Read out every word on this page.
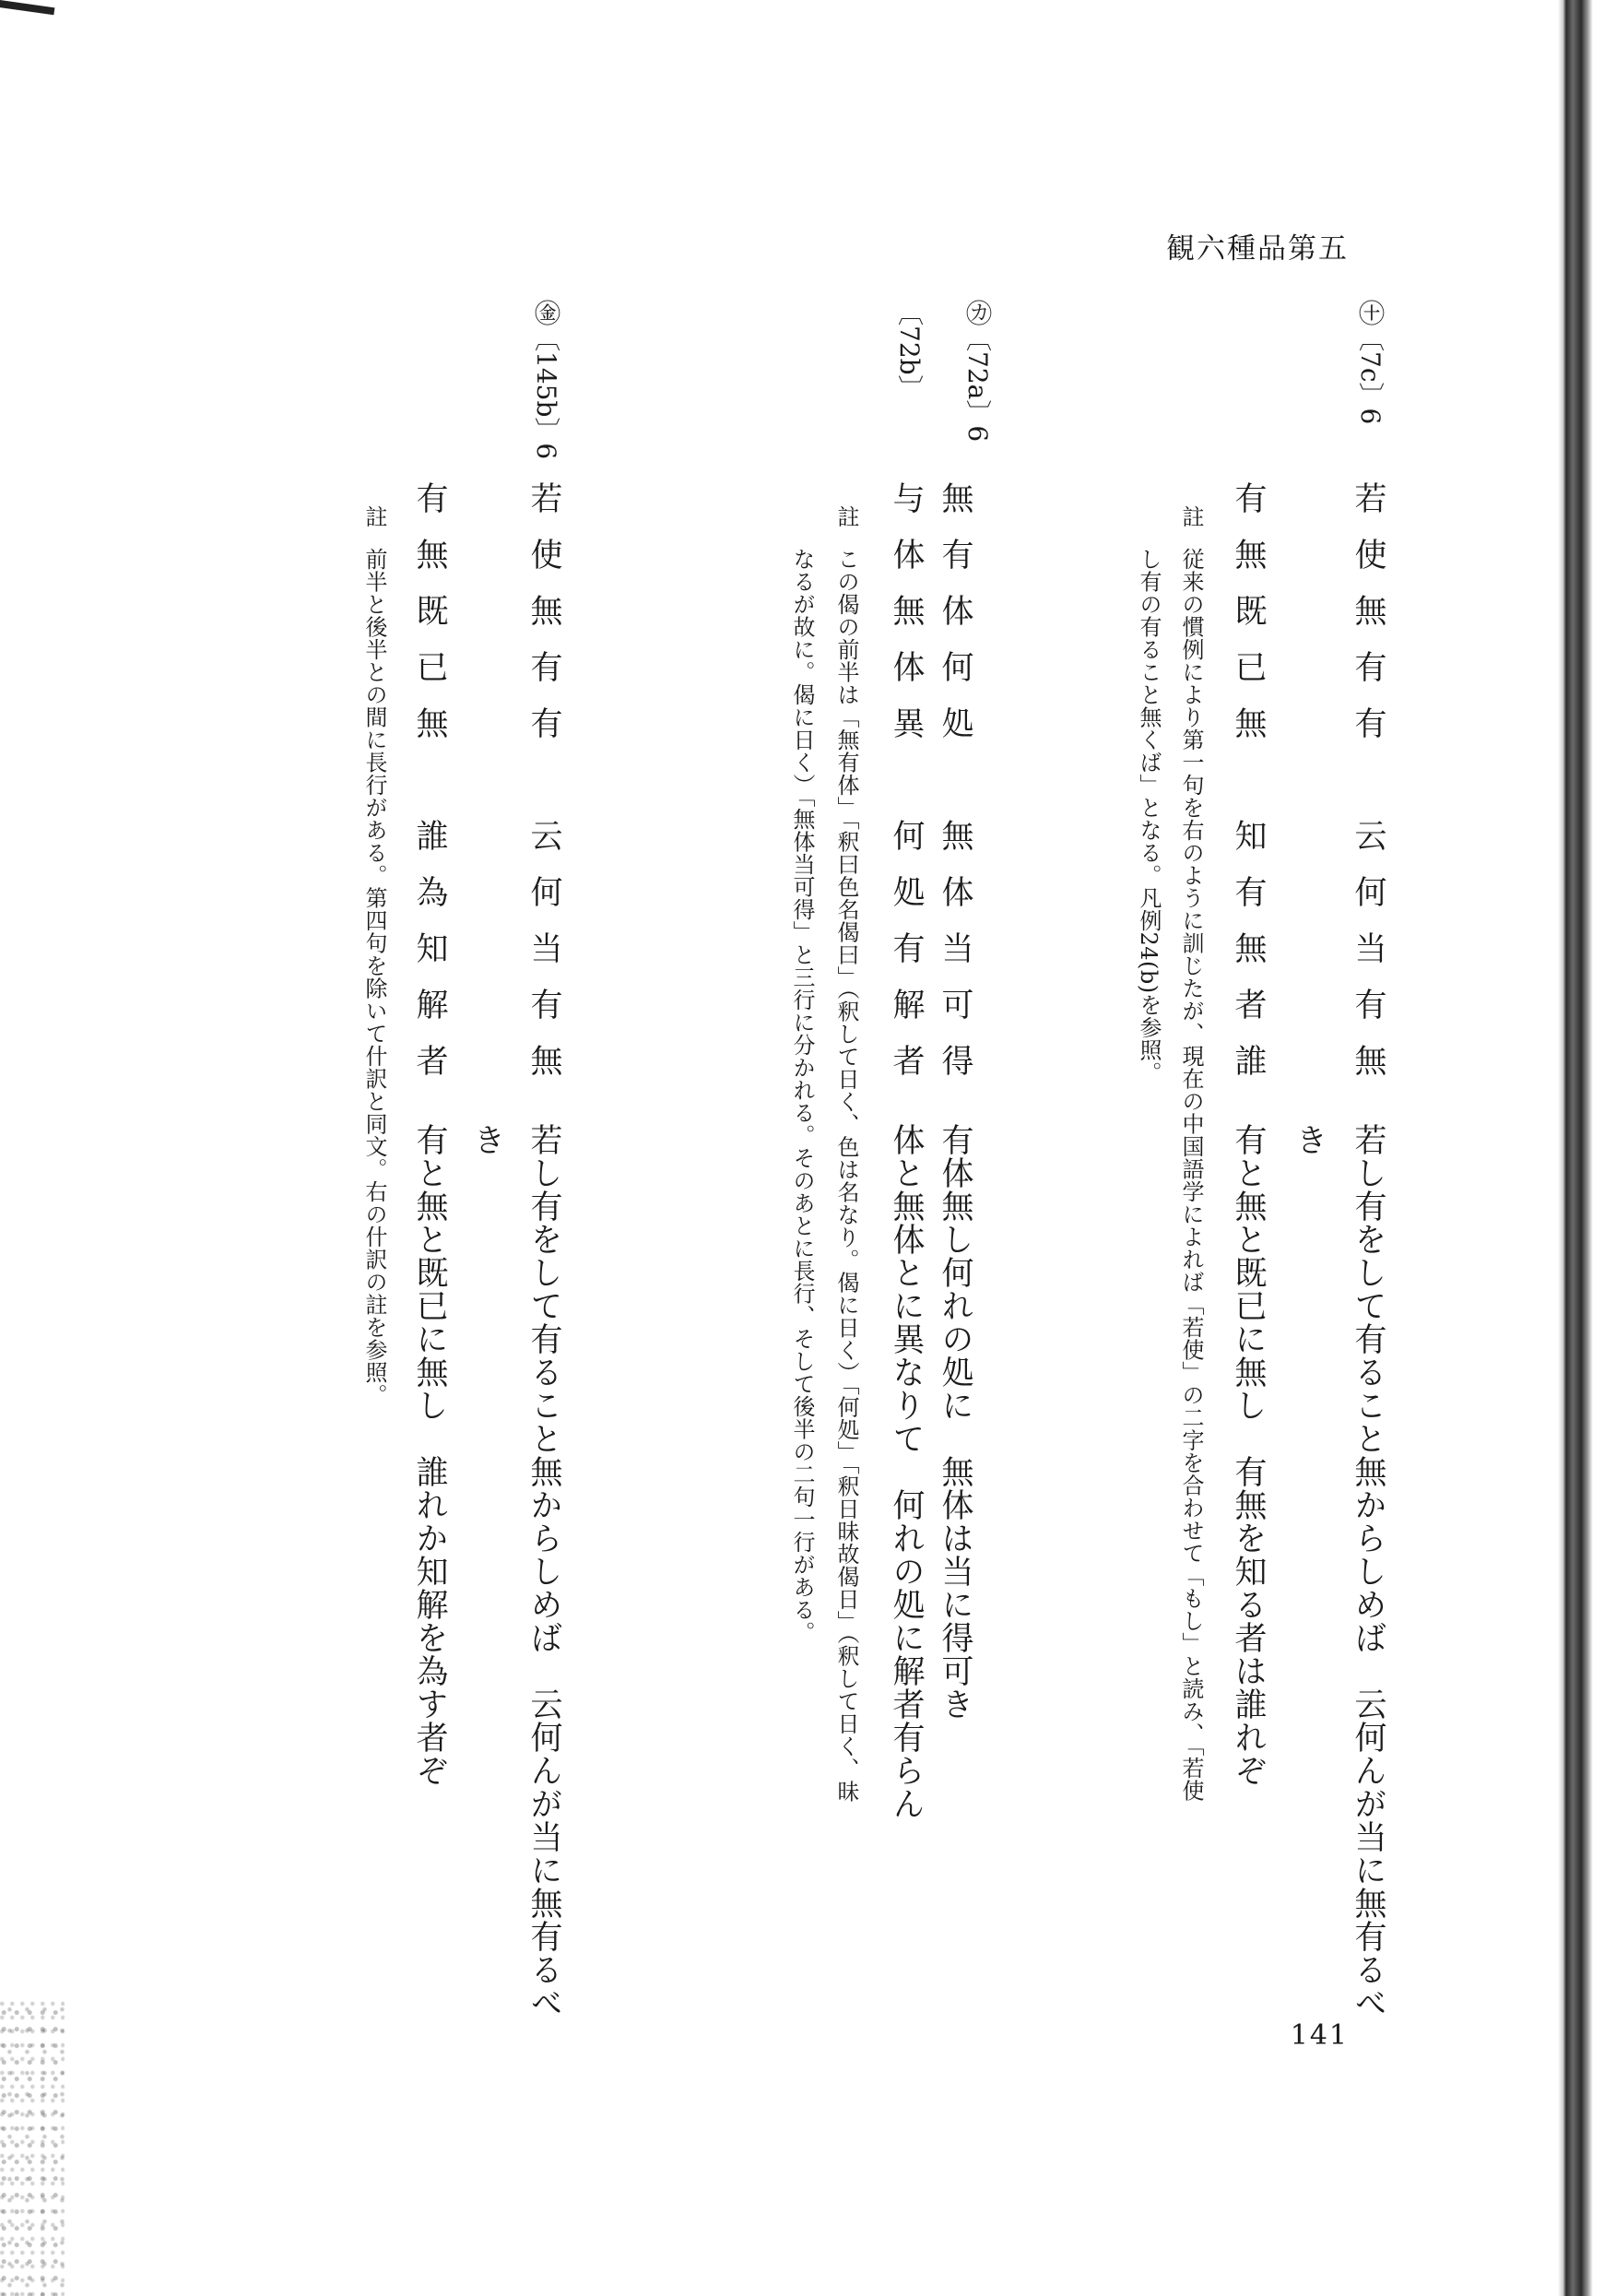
観六種品第五
㊉〔7c〕6
若使無有有　云何当有無
有無既已無　知有無者誰
若し有をして有ること無からしめば　云何んが当に無有るべ
き
有と無と既已に無し　有無を知る者は誰れぞ
註
従来の慣例により第一句を右のように訓じたが、現在の中国語学によれば「若使」の二字を合わせて「もし」と読み、「若使
し有の有ること無くば」となる。凡例24(b)を参照。
㋕〔72a〕6
〔72b〕
無有体何処　無体当可得
与体無体異　何処有解者
有体無し何れの処に　無体は当に得可き
体と無体とに異なりて　何れの処に解者有らん
註
この偈の前半は「無有体」「釈曰色名偈曰」（釈して日く、色は名なり。偈に日く）「何処」「釈日昧故偈日」（釈して日く、昧
なるが故に。偈に日く）「無体当可得」と三行に分かれる。そのあとに長行、そして後半の二句一行がある。
㊎〔145b〕6
若使無有有　云何当有無
有無既已無　誰為知解者
若し有をして有ること無からしめば　云何んが当に無有るべ
き
有と無と既已に無し　誰れか知解を為す者ぞ
註
前半と後半との間に長行がある。第四句を除いて什訳と同文。右の什訳の註を参照。
141
